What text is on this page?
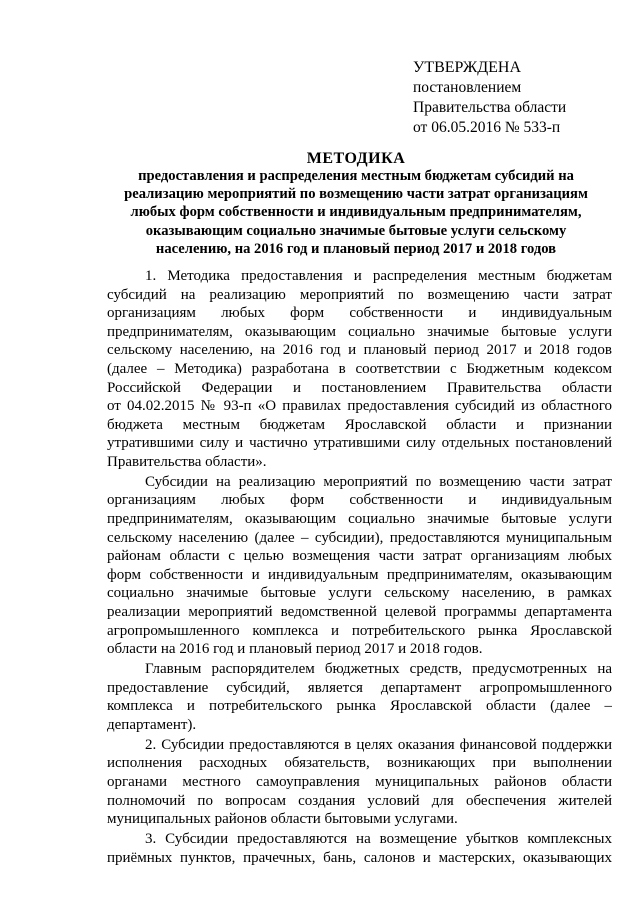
УТВЕРЖДЕНА
постановлением
Правительства области
от 06.05.2016 № 533-п
МЕТОДИКА
предоставления и распределения местным бюджетам субсидий на
реализацию мероприятий по возмещению части затрат организациям
любых форм собственности и индивидуальным предпринимателям,
оказывающим социально значимые бытовые услуги сельскому
населению, на 2016 год и плановый период 2017 и 2018 годов
1. Методика предоставления и распределения местным бюджетам
субсидий на реализацию мероприятий по возмещению части затрат
организациям любых форм собственности и индивидуальным
предпринимателям, оказывающим социально значимые бытовые услуги
сельскому населению, на 2016 год и плановый период 2017 и 2018 годов
(далее – Методика) разработана в соответствии с Бюджетным кодексом
Российской Федерации и постановлением Правительства области
от 04.02.2015 № 93-п «О правилах предоставления субсидий из областного
бюджета местным бюджетам Ярославской области и признании
утратившими силу и частично утратившими силу отдельных постановлений
Правительства области».
Субсидии на реализацию мероприятий по возмещению части затрат
организациям любых форм собственности и индивидуальным
предпринимателям, оказывающим социально значимые бытовые услуги
сельскому населению (далее – субсидии), предоставляются муниципальным
районам области с целью возмещения части затрат организациям любых
форм собственности и индивидуальным предпринимателям, оказывающим
социально значимые бытовые услуги сельскому населению, в рамках
реализации мероприятий ведомственной целевой программы департамента
агропромышленного комплекса и потребительского рынка Ярославской
области на 2016 год и плановый период 2017 и 2018 годов.
Главным распорядителем бюджетных средств, предусмотренных на
предоставление субсидий, является департамент агропромышленного
комплекса и потребительского рынка Ярославской области (далее –
департамент).
2. Субсидии предоставляются в целях оказания финансовой поддержки
исполнения расходных обязательств, возникающих при выполнении
органами местного самоуправления муниципальных районов области
полномочий по вопросам создания условий для обеспечения жителей
муниципальных районов области бытовыми услугами.
3. Субсидии предоставляются на возмещение убытков комплексных
приёмных пунктов, прачечных, бань, салонов и мастерских, оказывающих
